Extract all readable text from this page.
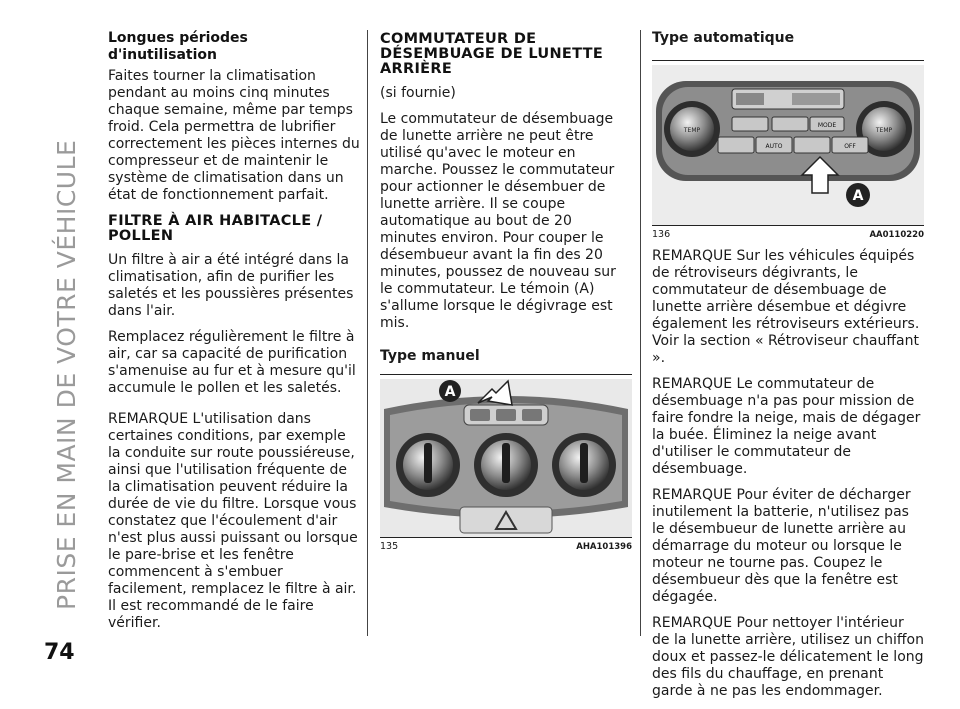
PRISE EN MAIN DE VOTRE VÉHICULE
74
Longues périodes d'inutilisation

Faites tourner la climatisation pendant au moins cinq minutes chaque semaine, même par temps froid. Cela permettra de lubrifier correctement les pièces internes du compresseur et de maintenir le système de climatisation dans un état de fonctionnement parfait.

FILTRE À AIR HABITACLE / POLLEN

Un filtre à air a été intégré dans la climatisation, afin de purifier les saletés et les poussières présentes dans l'air.

Remplacez régulièrement le filtre à air, car sa capacité de purification s'amenuise au fur et à mesure qu'il accumule le pollen et les saletés.

REMARQUE L'utilisation dans certaines conditions, par exemple la conduite sur route poussiéreuse, ainsi que l'utilisation fréquente de la climatisation peuvent réduire la durée de vie du filtre. Lorsque vous constatez que l'écoulement d'air n'est plus aussi puissant ou lorsque le pare-brise et les fenêtre commencent à s'embuer facilement, remplacez le filtre à air. Il est recommandé de le faire vérifier.

COMMUTATEUR DE DÉSEMBUAGE DE LUNETTE ARRIÈRE

(si fournie)

Le commutateur de désembuage de lunette arrière ne peut être utilisé qu'avec le moteur en marche. Poussez le commutateur pour actionner le désembuer de lunette arrière. Il se coupe automatique au bout de 20 minutes environ. Pour couper le désembueur avant la fin des 20 minutes, poussez de nouveau sur le commutateur. Le témoin (A) s'allume lorsque le dégivrage est mis.

Type manuel
A
135	AHA101396
Type automatique
TEMP	TEMP
MODE
AUTO	OFF
A
136	AA0110220

REMARQUE Sur les véhicules équipés de rétroviseurs dégivrants, le commutateur de désembuage de lunette arrière désembue et dégivre également les rétroviseurs extérieurs. Voir la section « Rétroviseur chauffant ».

REMARQUE Le commutateur de désembuage n'a pas pour mission de faire fondre la neige, mais de dégager la buée. Éliminez la neige avant d'utiliser le commutateur de désembuage.

REMARQUE Pour éviter de décharger inutilement la batterie, n'utilisez pas le désembueur de lunette arrière au démarrage du moteur ou lorsque le moteur ne tourne pas. Coupez le désembueur dès que la fenêtre est dégagée.

REMARQUE Pour nettoyer l'intérieur de la lunette arrière, utilisez un chiffon doux et passez-le délicatement le long des fils du chauffage, en prenant garde à ne pas les endommager.
